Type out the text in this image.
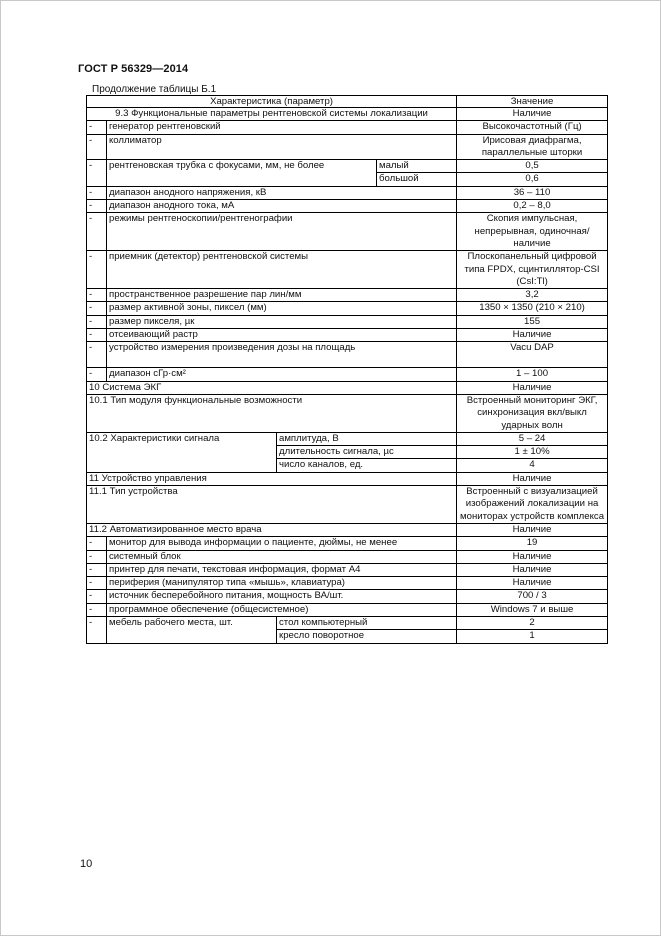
ГОСТ Р 56329—2014
Продолжение таблицы Б.1
Характеристика (параметр)				Значение
9.3 Функциональные параметры рентгеновской системы локализации				Наличие
-	генератор рентгеновский			Высокочастотный (Гц)
-	коллиматор			Ирисовая диафрагма, параллельные шторки
-	рентгеновская трубка с фокусами, мм, не более		малый	0,5
			большой	0,6
-	диапазон анодного напряжения, кВ			36 – 110
-	диапазон анодного тока, мА			0,2 – 8,0
-	режимы рентгеноскопии/рентгенографии			Скопия импульсная, непрерывная, одиночная/наличие
-	приемник (детектор) рентгеновской системы			Плоскопанельный цифровой типа FPDX, сцинтиллятор-CSI (CsI:Tl)
-	пространственное разрешение пар лин/мм			3,2
-	размер активной зоны, пиксел (мм)			1350 × 1350 (210 × 210)
-	размер пикселя, µк			155
-	отсеивающий растр			Наличие
-	устройство измерения произведения дозы на площадь			Vacu DAP
-	диапазон сГр·см²			1 – 100
10 Система ЭКГ				Наличие
10.1 Тип модуля функциональные возможности				Встроенный мониторинг ЭКГ, синхронизация вкл/выкл ударных волн
10.2 Характеристики сигнала		амплитуда, В		5 – 24
		длительность сигнала, µс		1 ± 10%
		число каналов, ед.		4
11 Устройство управления				Наличие
11.1 Тип устройства				Встроенный с визуализацией изображений локализации на мониторах устройств комплекса
11.2 Автоматизированное место врача				Наличие
-	монитор для вывода информации о пациенте, дюймы, не менее			19
-	системный блок			Наличие
-	принтер для печати, текстовая информация, формат А4			Наличие
-	периферия (манипулятор типа «мышь», клавиатура)			Наличие
-	источник бесперебойного питания, мощность ВА/шт.			700 / 3
-	программное обеспечение (общесистемное)			Windows 7 и выше
-	мебель рабочего места, шт.	стол компьютерный		2
		кресло поворотное		1
10
